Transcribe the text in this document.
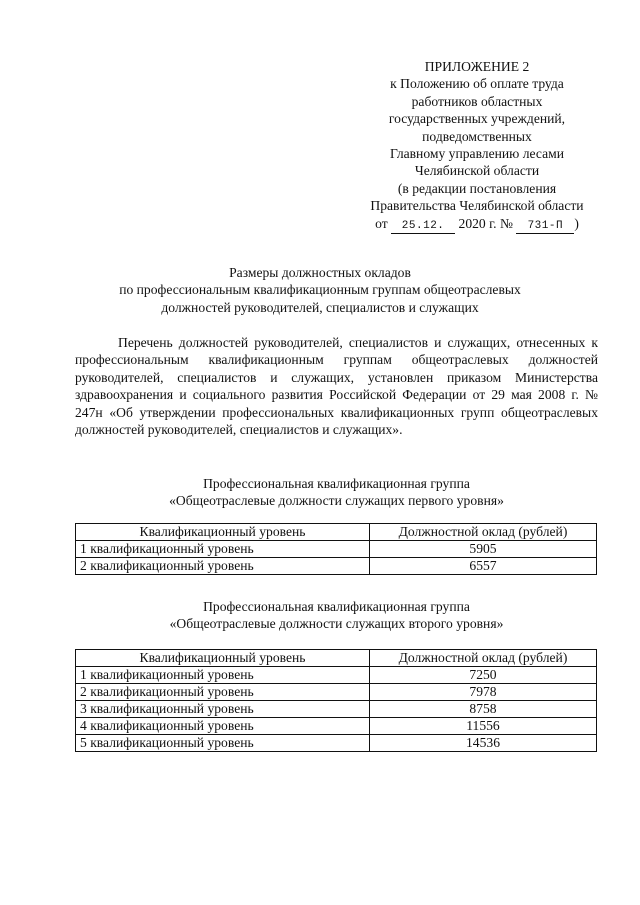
ПРИЛОЖЕНИЕ 2
к Положению об оплате труда
работников областных
государственных учреждений,
подведомственных
Главному управлению лесами
Челябинской области
(в редакции постановления
Правительства Челябинской области
от 25.12. 2020 г. № 731-П )
Размеры должностных окладов
по профессиональным квалификационным группам общеотраслевых
должностей руководителей, специалистов и служащих
Перечень должностей руководителей, специалистов и служащих, отнесенных к профессиональным квалификационным группам общеотраслевых должностей руководителей, специалистов и служащих, установлен приказом Министерства здравоохранения и социального развития Российской Федерации от 29 мая 2008 г. № 247н «Об утверждении профессиональных квалификационных групп общеотраслевых должностей руководителей, специалистов и служащих».
Профессиональная квалификационная группа
«Общеотраслевые должности служащих первого уровня»
Квалификационный уровень	Должностной оклад (рублей)
1 квалификационный уровень	5905
2 квалификационный уровень	6557
Профессиональная квалификационная группа
«Общеотраслевые должности служащих второго уровня»
Квалификационный уровень	Должностной оклад (рублей)
1 квалификационный уровень	7250
2 квалификационный уровень	7978
3 квалификационный уровень	8758
4 квалификационный уровень	11556
5 квалификационный уровень	14536
